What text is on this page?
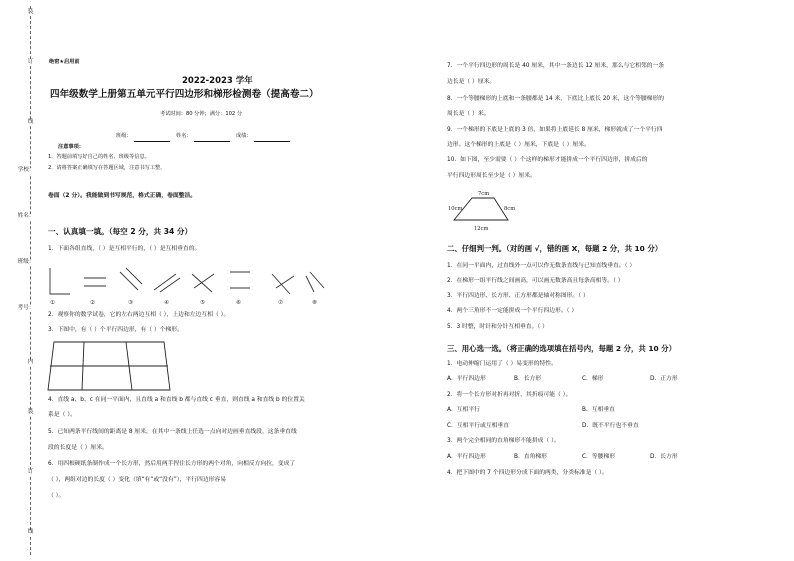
装
订
线
学校：
姓名：
班级：
考号：
内
装
订
线
绝密★启用前
2022-2023 学年
四年级数学上册第五单元平行四边形和梯形检测卷（提高卷二）
考试时间：80 分钟；满分：102 分
班级：	姓名：	成绩：
注意事项：
1．答题前填写好自己的姓名、班级等信息。
2．请将答案正确填写在答题区域，注意书写工整。
卷面（2 分）。我能做到书写规范，格式正确，卷面整洁。
一、认真填一填。（每空 2 分，共 34 分）
1．下面各组直线，（ ）是互相平行的，（ ）是互相垂直的。
①	②	③	④	⑤	⑥	⑦	⑧
2．观察你的数学试卷，它的左右两边互相（ ），上边和左边互相（ ）。
3．下图中，有（ ）个平行四边形，有（ ）个梯形。
4．直线 a、b、c 在同一平面内，且直线 a 和直线 b 都与直线 c 垂直，则直线 a 和直线 b 的位置关
系是（ ）。
5．已知两条平行线间的距离是 8 厘米，在其中一条线上任选一点向对边画垂直线段，这条垂直线
段的长度是（ ）厘米。
6．用四根硬纸条制作成一个长方形，然后用两手捏住长方形的两个对角，向相反方向拉，变成了
（ ），两组对边的长度（ ）变化（填“有”或“没有”），平行四边形容易
（ ）。
7．一个平行四边形的周长是 40 厘米，其中一条边长 12 厘米，那么与它相邻的一条
边长是（ ）厘米。
8．一个等腰梯形的上底和一条腰都是 14 米，下底比上底长 20 米，这个等腰梯形的
周长是（ ）米。
9．一个梯形的下底是上底的 3 倍，如果将上底延长 8 厘米，梯形就成了一个平行四
边形。这个梯形的上底是（ ）厘米，下底是（ ）厘米。
10．如下图，至少需要（ ）个这样的梯形才能拼成一个平行四边形，拼成后的
平行四边形周长至少是（ ）厘米。
7cm
10cm	8cm
12cm
二、仔细判一判。（对的画 √，错的画 X，每题 2 分，共 10 分）
1．在同一平面内，过直线外一点可以作无数条直线与已知直线垂直。（ ）
2．在梯形一组平行线之间画高，可以画无数条高且每条高相等。（ ）
3．平行四边形、长方形、正方形都是轴对称图形。（ ）
4．两个三角形不一定能拼成一个平行四边形。（ ）
5．3 时整，时针和分针互相垂直。（ ）
三、用心选一选。（将正确的选项填在括号内，每题 2 分，共 10 分）
1．电动伸缩门运用了（ ）易变形的特性。
A．平行四边形	B．长方形	C．梯形	D．正方形
2．将一个长方形对折再对折，其折痕可能（ ）。
A．互相平行	B．互相垂直
C．互相平行或互相垂直	D．既不平行也不垂直
3．两个完全相同的直角梯形不能拼成（ ）。
A．平行四边形	B．直角梯形	C．等腰梯形	D．长方形
4．把下图中的 7 个四边形分成下面的两类，分类标准是（ ）。
